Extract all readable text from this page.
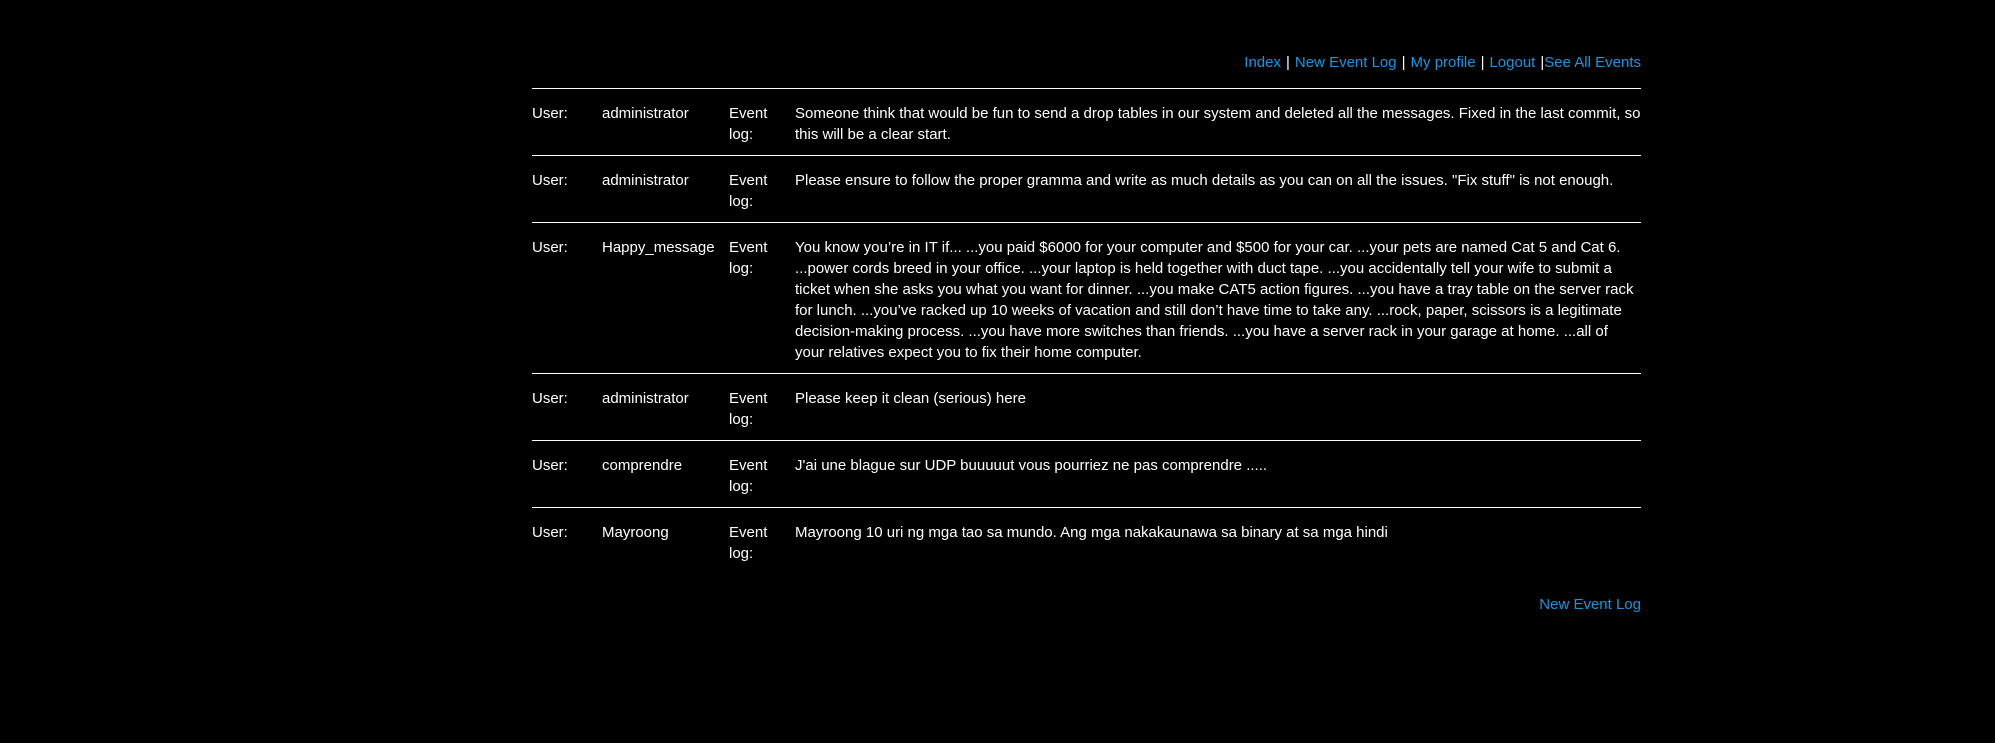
Index | New Event Log | My profile | Logout |See All Events
User:	administrator	Event log:	Someone think that would be fun to send a drop tables in our system and deleted all the messages. Fixed in the last commit, so this will be a clear start.
User:	administrator	Event log:	Please ensure to follow the proper gramma and write as much details as you can on all the issues. "Fix stuff" is not enough.
User:	Happy_message	Event log:	You know you’re in IT if... ...you paid $6000 for your computer and $500 for your car. ...your pets are named Cat 5 and Cat 6. ...power cords breed in your office. ...your laptop is held together with duct tape. ...you accidentally tell your wife to submit a ticket when she asks you what you want for dinner. ...you make CAT5 action figures. ...you have a tray table on the server rack for lunch. ...you’ve racked up 10 weeks of vacation and still don’t have time to take any. ...rock, paper, scissors is a legitimate decision-making process. ...you have more switches than friends. ...you have a server rack in your garage at home. ...all of your relatives expect you to fix their home computer.
User:	administrator	Event log:	Please keep it clean (serious) here
User:	comprendre	Event log:	J'ai une blague sur UDP buuuuut vous pourriez ne pas comprendre .....
User:	Mayroong	Event log:	Mayroong 10 uri ng mga tao sa mundo. Ang mga nakakaunawa sa binary at sa mga hindi
New Event Log
